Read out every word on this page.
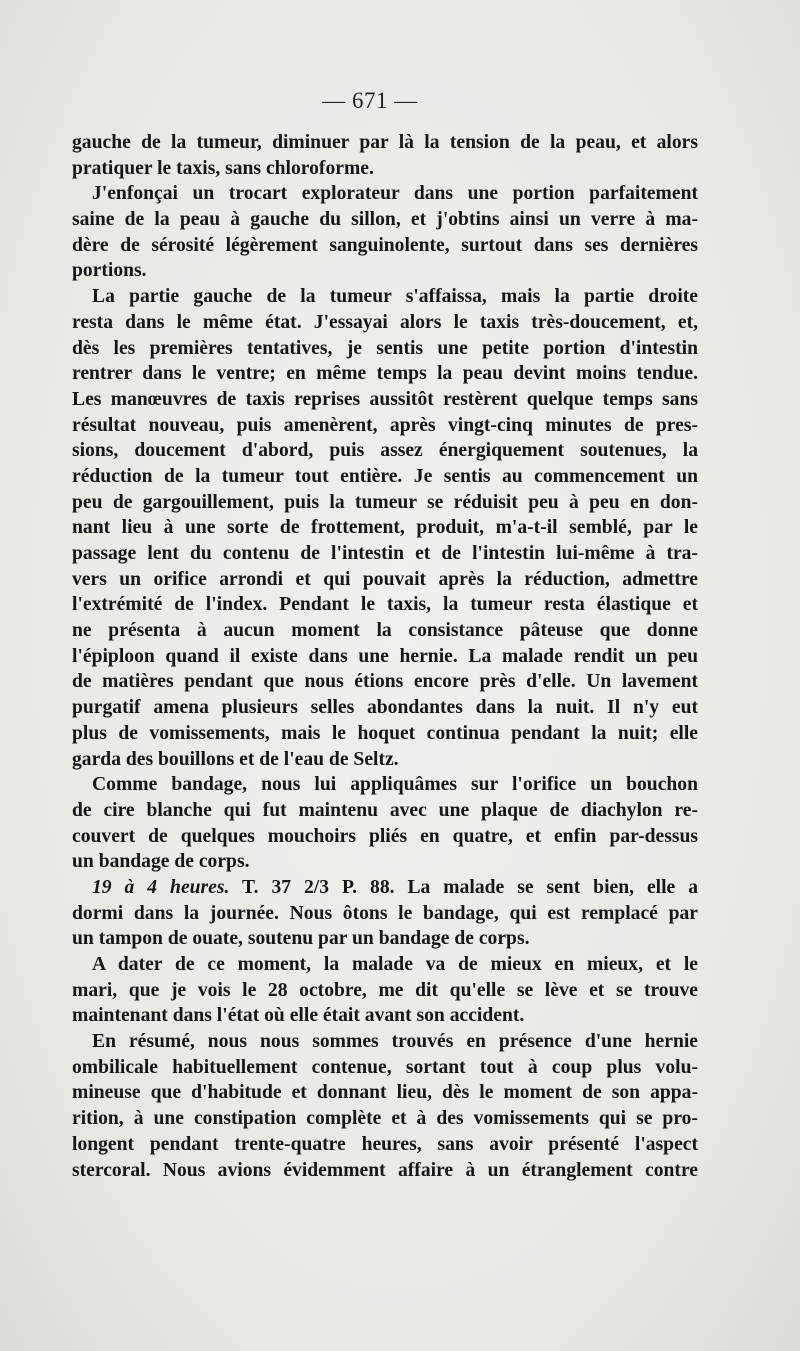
— 671 —
gauche de la tumeur, diminuer par là la tension de la peau, et alors
pratiquer le taxis, sans chloroforme.
J'enfonçai un trocart explorateur dans une portion parfaitement
saine de la peau à gauche du sillon, et j'obtins ainsi un verre à ma-
dère de sérosité légèrement sanguinolente, surtout dans ses dernières
portions.
La partie gauche de la tumeur s'affaissa, mais la partie droite
resta dans le même état. J'essayai alors le taxis très-doucement, et,
dès les premières tentatives, je sentis une petite portion d'intestin
rentrer dans le ventre; en même temps la peau devint moins tendue.
Les manœuvres de taxis reprises aussitôt restèrent quelque temps sans
résultat nouveau, puis amenèrent, après vingt-cinq minutes de pres-
sions, doucement d'abord, puis assez énergiquement soutenues, la
réduction de la tumeur tout entière. Je sentis au commencement un
peu de gargouillement, puis la tumeur se réduisit peu à peu en don-
nant lieu à une sorte de frottement, produit, m'a-t-il semblé, par le
passage lent du contenu de l'intestin et de l'intestin lui-même à tra-
vers un orifice arrondi et qui pouvait après la réduction, admettre
l'extrémité de l'index. Pendant le taxis, la tumeur resta élastique et
ne présenta à aucun moment la consistance pâteuse que donne
l'épiploon quand il existe dans une hernie. La malade rendit un peu
de matières pendant que nous étions encore près d'elle. Un lavement
purgatif amena plusieurs selles abondantes dans la nuit. Il n'y eut
plus de vomissements, mais le hoquet continua pendant la nuit; elle
garda des bouillons et de l'eau de Seltz.
Comme bandage, nous lui appliquâmes sur l'orifice un bouchon
de cire blanche qui fut maintenu avec une plaque de diachylon re-
couvert de quelques mouchoirs pliés en quatre, et enfin par-dessus
un bandage de corps.
19 à 4 heures. T. 37 2/3 P. 88. La malade se sent bien, elle a
dormi dans la journée. Nous ôtons le bandage, qui est remplacé par
un tampon de ouate, soutenu par un bandage de corps.
A dater de ce moment, la malade va de mieux en mieux, et le
mari, que je vois le 28 octobre, me dit qu'elle se lève et se trouve
maintenant dans l'état où elle était avant son accident.
En résumé, nous nous sommes trouvés en présence d'une hernie
ombilicale habituellement contenue, sortant tout à coup plus volu-
mineuse que d'habitude et donnant lieu, dès le moment de son appa-
rition, à une constipation complète et à des vomissements qui se pro-
longent pendant trente-quatre heures, sans avoir présenté l'aspect
stercoral. Nous avions évidemment affaire à un étranglement contre
